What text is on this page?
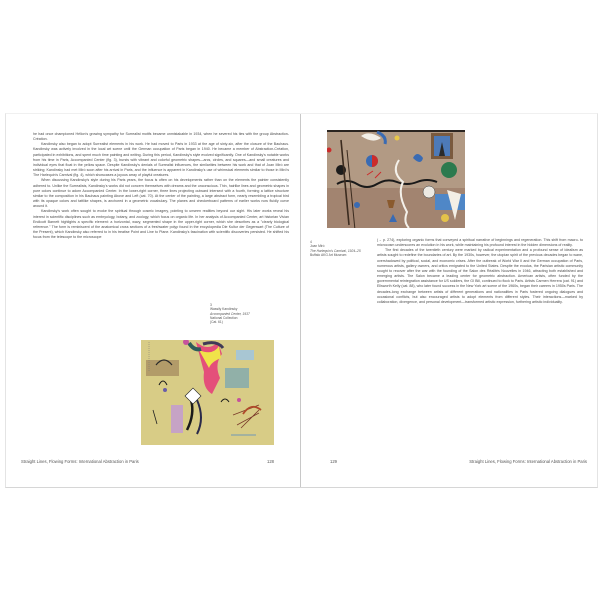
he had once championed Hélion's growing sympathy for Surrealist motifs became unmistakable in 1934, when he severed his ties with the group Abstraction-Création.

Kandinsky also began to adopt Surrealist elements in his work. He had moved to Paris in 1933 at the age of sixty-six, after the closure of the Bauhaus. Kandinsky was actively involved in the local art scene until the German occupation of Paris began in 1940. He became a member of Abstraction-Création, participated in exhibitions, and spent much time painting and writing. During this period, Kandinsky's style evolved significantly. One of Kandinsky's notable works from his time in Paris, Accompanied Center (fig. 3), bursts with vibrant and colorful geometric shapes—arcs, circles, and squares—and small creatures and individual eyes that float in the yellow space. Despite Kandinsky's denials of Surrealist influences, the similarities between his work and that of Joan Miró are striking; Kandinsky had met Miró soon after his arrival in Paris, and the influence is apparent in Kandinsky's use of whimsical elements similar to those in Miró's The Harlequin's Carnival (fig. 4), which showcases a joyous array of playful creatures.

When discussing Kandinsky's style during his Paris years, the focus is often on his developments rather than on the elements the painter consistently adhered to. Unlike the Surrealists, Kandinsky's works did not concern themselves with dreams and the unconscious. Thin, hairlike lines and geometric shapes in pure colors continue to adorn Accompanied Center. In the lower-right corner, three lines projecting outward intersect with a fourth, forming a lattice structure similar to the composition in his Bauhaus painting Above and Left (cat. 70). At the center of the painting, a large abstract form, nearly resembling a tropical bird with its opaque colors and tattlike shapes, is anchored in a geometric vocabulary. The planes and checkerboard patterns of earlier works now fluidly curve around it.

Kandinsky's work often sought to evoke the spiritual through cosmic imagery, pointing to unseen realities beyond our sight. His later works reveal his interest in scientific disciplines such as embryology, botany, and zoology, which focus on organic life. In her analysis of Accompanied Center, art historian Vivian Endicott Barnett highlights a specific element: a horizontal, wavy, segmented shape in the upper-right corner, which she describes as a "clearly biological reference." The form is reminiscent of the anatomical cross sections of a freshwater polyp found in the encyclopedia Die Kultur der Gegenwart (The Culture of the Present), which Kandinsky also referred to in his treatise Point and Line to Plane. Kandinsky's fascination with scientific discoveries persisted. He shifted his focus from the telescope to the microscope

3
Wassily Kandinsky
Accompanied Center, 1937
National Collection
(Cat. 61)
Straight Lines, Flowing Forms: International Abstraction in Paris	128
4
Joan Miró
The Harlequin's Carnival, 1924–25
Buffalo AKG Art Museum

(→ p. 274), exploring organic forms that conveyed a spiritual narrative of beginnings and regeneration. This shift from macro- to microcosm underscores an evolution in his work, while maintaining his profound interest in the hidden dimensions of reality.

The first decades of the twentieth century were marked by radical experimentation and a profound sense of idealism as artists sought to redefine the boundaries of art. By the 1930s, however, the utopian spirit of the previous decades began to wane, overshadowed by political, social, and economic crises. After the outbreak of World War II and the German occupation of Paris, numerous artists, gallery owners, and critics emigrated to the United States. Despite the exodus, the Parisian artistic community sought to recover after the war with the founding of the Salon des Réalités Nouvelles in 1946, attracting both established and emerging artists. The Salon became a leading center for geometric abstraction. American artists, often funded by the governmental reintegration assistance for US soldiers, the GI Bill, continued to flock to Paris. Artists Carmen Herrera (cat. 91) and Ellsworth Kelly (cat. 88), who later found success in the New York art scene of the 1960s, began their careers in 1950s Paris. The decades-long exchange between artists of different generations and nationalities in Paris fostered ongoing dialogues and occasional conflicts, but also encouraged artists to adopt elements from different styles. Their interactions—marked by collaboration, divergence, and personal development—transformed artistic expression, furthering artistic individuality.

129	Straight Lines, Flowing Forms: International Abstraction in Paris
